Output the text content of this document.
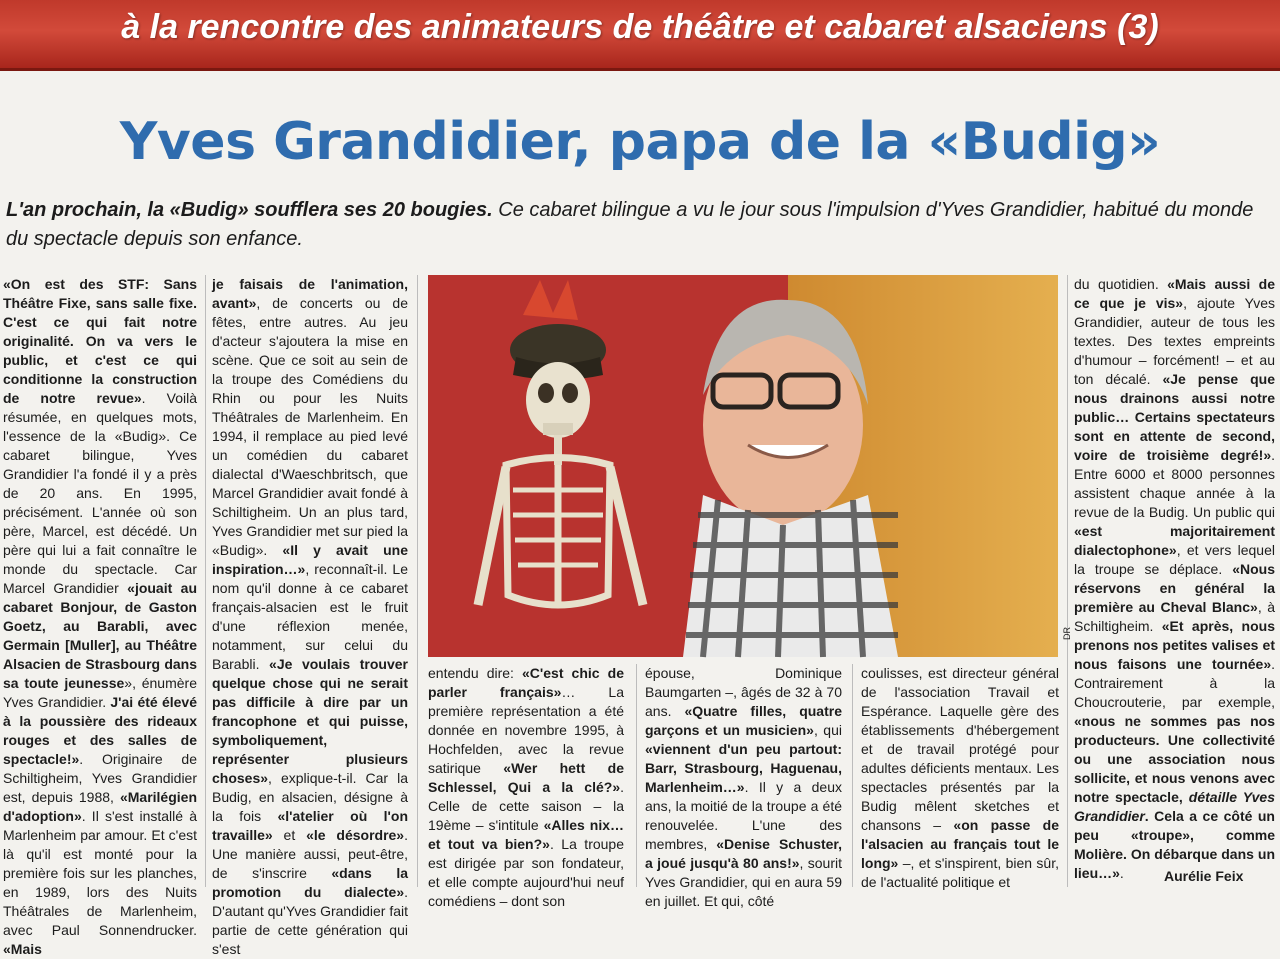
à la rencontre des animateurs de théâtre et cabaret alsaciens (3)
Yves Grandidier, papa de la «Budig»
L'an prochain, la «Budig» soufflera ses 20 bougies. Ce cabaret bilingue a vu le jour sous l'impulsion d'Yves Grandidier, habitué du monde du spectacle depuis son enfance.

«On est des STF: Sans Théâtre Fixe, sans salle fixe. C'est ce qui fait notre originalité. On va vers le public, et c'est ce qui conditionne la construction de notre revue». Voilà résumée, en quelques mots, l'essence de la «Budig». Ce cabaret bilingue, Yves Grandidier l'a fondé il y a près de 20 ans. En 1995, précisément. L'année où son père, Marcel, est décédé. Un père qui lui a fait connaître le monde du spectacle. Car Marcel Grandidier «jouait au cabaret Bonjour, de Gaston Goetz, au Barabli, avec Germain [Muller], au Théâtre Alsacien de Strasbourg dans sa toute jeunesse», énumère Yves Grandidier. J'ai été élevé à la poussière des rideaux rouges et des salles de spectacle!». Originaire de Schiltigheim, Yves Grandidier est, depuis 1988, «Marilégien d'adoption». Il s'est installé à Marlenheim par amour. Et c'est là qu'il est monté pour la première fois sur les planches, en 1989, lors des Nuits Théâtrales de Marlenheim, avec Paul Sonnendrucker. «Mais

je faisais de l'animation, avant», de concerts ou de fêtes, entre autres. Au jeu d'acteur s'ajoutera la mise en scène. Que ce soit au sein de la troupe des Comédiens du Rhin ou pour les Nuits Théâtrales de Marlenheim. En 1994, il remplace au pied levé un comédien du cabaret dialectal d'Waeschbritsch, que Marcel Grandidier avait fondé à Schiltigheim. Un an plus tard, Yves Grandidier met sur pied la «Budig». «Il y avait une inspiration…», reconnaît-il. Le nom qu'il donne à ce cabaret français-alsacien est le fruit d'une réflexion menée, notamment, sur celui du Barabli. «Je voulais trouver quelque chose qui ne serait pas difficile à dire par un francophone et qui puisse, symboliquement, représenter plusieurs choses», explique-t-il. Car la Budig, en alsacien, désigne à la fois «l'atelier où l'on travaille» et «le désordre». Une manière aussi, peut-être, de s'inscrire «dans la promotion du dialecte». D'autant qu'Yves Grandidier fait partie de cette génération qui s'est

entendu dire: «C'est chic de parler français»… La première représentation a été donnée en novembre 1995, à Hochfelden, avec la revue satirique «Wer hett de Schlessel, Qui a la clé?». Celle de cette saison – la 19ème – s'intitule «Alles nix… et tout va bien?». La troupe est dirigée par son fondateur, et elle compte aujourd'hui neuf comédiens – dont son

épouse, Dominique Baumgarten –, âgés de 32 à 70 ans. «Quatre filles, quatre garçons et un musicien», qui «viennent d'un peu partout: Barr, Strasbourg, Haguenau, Marlenheim…». Il y a deux ans, la moitié de la troupe a été renouvelée. L'une des membres, «Denise Schuster, a joué jusqu'à 80 ans!», sourit Yves Grandidier, qui en aura 59 en juillet. Et qui, côté

coulisses, est directeur général de l'association Travail et Espérance. Laquelle gère des établissements d'hébergement et de travail protégé pour adultes déficients mentaux. Les spectacles présentés par la Budig mêlent sketches et chansons – «on passe de l'alsacien au français tout le long» –, et s'inspirent, bien sûr, de l'actualité politique et

du quotidien. «Mais aussi de ce que je vis», ajoute Yves Grandidier, auteur de tous les textes. Des textes empreints d'humour – forcément! – et au ton décalé. «Je pense que nous drainons aussi notre public… Certains spectateurs sont en attente de second, voire de troisième degré!». Entre 6000 et 8000 personnes assistent chaque année à la revue de la Budig. Un public qui «est majoritairement dialectophone», et vers lequel la troupe se déplace. «Nous réservons en général la première au Cheval Blanc», à Schiltigheim. «Et après, nous prenons nos petites valises et nous faisons une tournée». Contrairement à la Choucrouterie, par exemple, «nous ne sommes pas nos producteurs. Une collectivité ou une association nous sollicite, et nous venons avec notre spectacle, détaille Yves Grandidier. Cela a ce côté un peu «troupe», comme Molière. On débarque dans un lieu…».

DR
Aurélie Feix
